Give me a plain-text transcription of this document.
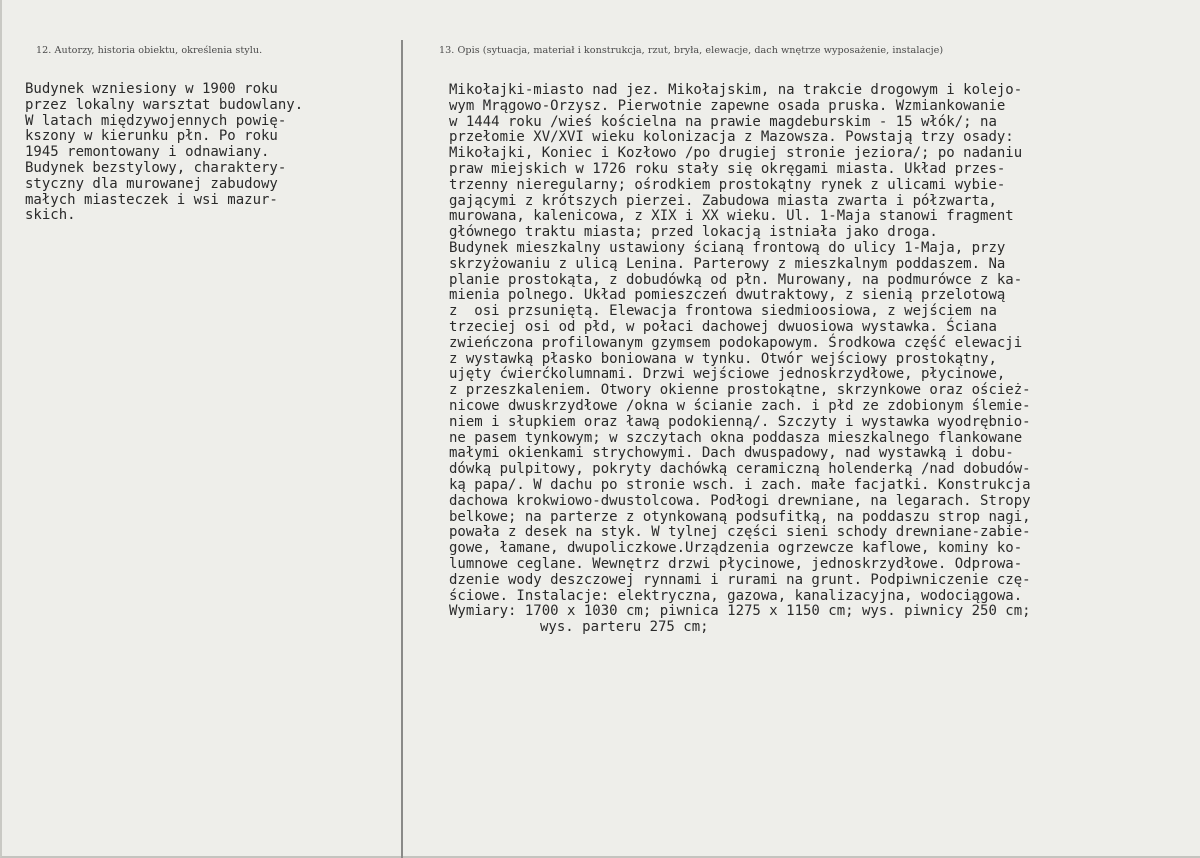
12. Autorzy, historia obiektu, określenia stylu.	13. Opis (sytuacja, materiał i konstrukcja, rzut, bryła, elewacje, dach wnętrze wyposażenie, instalacje)
Budynek wzniesiony w 1900 roku
przez lokalny warsztat budowlany.
W latach międzywojennych powię-
kszony w kierunku płn. Po roku
1945 remontowany i odnawiany.
Budynek bezstylowy, charaktery-
styczny dla murowanej zabudowy
małych miasteczek i wsi mazur-
skich.
Mikołajki-miasto nad jez. Mikołajskim, na trakcie drogowym i kolejo-
wym Mrągowo-Orzysz. Pierwotnie zapewne osada pruska. Wzmiankowanie
w 1444 roku /wieś kościelna na prawie magdeburskim - 15 włók/; na
przełomie XV/XVI wieku kolonizacja z Mazowsza. Powstają trzy osady:
Mikołajki, Koniec i Kozłowo /po drugiej stronie jeziora/; po nadaniu
praw miejskich w 1726 roku stały się okręgami miasta. Układ przes-
trzenny nieregularny; ośrodkiem prostokątny rynek z ulicami wybie-
gającymi z krótszych pierzei. Zabudowa miasta zwarta i półzwarta,
murowana, kalenicowa, z XIX i XX wieku. Ul. 1-Maja stanowi fragment
głównego traktu miasta; przed lokacją istniała jako droga.
Budynek mieszkalny ustawiony ścianą frontową do ulicy 1-Maja, przy
skrzyżowaniu z ulicą Lenina. Parterowy z mieszkalnym poddaszem. Na
planie prostokąta, z dobudówką od płn. Murowany, na podmurówce z ka-
mienia polnego. Układ pomieszczeń dwutraktowy, z sienią przelotową
z  osi przsuniętą. Elewacja frontowa siedmioosiowa, z wejściem na
trzeciej osi od płd, w połaci dachowej dwuosiowa wystawka. Ściana
zwieńczona profilowanym gzymsem podokapowym. Środkowa część elewacji
z wystawką płasko boniowana w tynku. Otwór wejściowy prostokątny,
ujęty ćwierćkolumnami. Drzwi wejściowe jednoskrzydłowe, płycinowe,
z przeszkaleniem. Otwory okienne prostokątne, skrzynkowe oraz oścież-
nicowe dwuskrzydłowe /okna w ścianie zach. i płd ze zdobionym ślemie-
niem i słupkiem oraz ławą podokienną/. Szczyty i wystawka wyodrębnio-
ne pasem tynkowym; w szczytach okna poddasza mieszkalnego flankowane
małymi okienkami strychowymi. Dach dwuspadowy, nad wystawką i dobu-
dówką pulpitowy, pokryty dachówką ceramiczną holenderką /nad dobudów-
ką papa/. W dachu po stronie wsch. i zach. małe facjatki. Konstrukcja
dachowa krokwiowo-dwustolcowa. Podłogi drewniane, na legarach. Stropy
belkowe; na parterze z otynkowaną podsufitką, na poddaszu strop nagi,
powała z desek na styk. W tylnej części sieni schody drewniane-zabie-
gowe, łamane, dwupoliczkowe.Urządzenia ogrzewcze kaflowe, kominy ko-
lumnowe ceglane. Wewnętrz drzwi płycinowe, jednoskrzydłowe. Odprowa-
dzenie wody deszczowej rynnami i rurami na grunt. Podpiwniczenie czę-
ściowe. Instalacje: elektryczna, gazowa, kanalizacyjna, wodociągowa.
Wymiary: 1700 x 1030 cm; piwnica 1275 x 1150 cm; wys. piwnicy 250 cm;
wys. parteru 275 cm;
